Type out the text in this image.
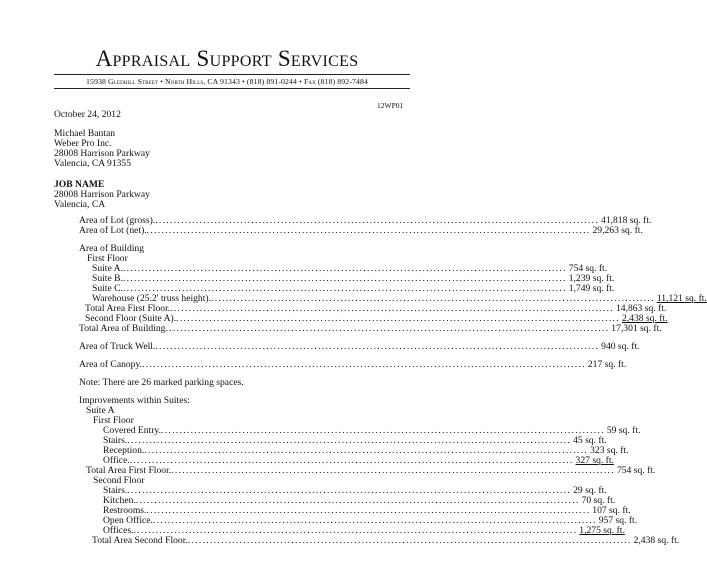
Appraisal Support Services
15938 Gledhill Street • North Hills, CA 91343 • (818) 891-0244 • Fax (818) 892-7484
12WP01
October 24, 2012
Michael Bantan
Weber Pro Inc.
28008 Harrison Parkway
Valencia, CA 91355
JOB NAME
28008 Harrison Parkway
Valencia, CA
Area of Lot (gross). ........................................................................................................................ 41,818 sq. ft.
Area of Lot (net). ........................................................................................................................ 29,263 sq. ft.
Area of Building
First Floor
Suite A. ........................................................................................................................ 754 sq. ft.
Suite B. ........................................................................................................................ 1,239 sq. ft.
Suite C. ........................................................................................................................ 1,749 sq. ft.
Warehouse (25.2' truss height). ........................................................................................................................ 11,121 sq. ft.
Total Area First Floor. ........................................................................................................................ 14,863 sq. ft.
Second Floor (Suite A). ........................................................................................................................ 2,438 sq. ft.
Total Area of Building ........................................................................................................................ 17,301 sq. ft.
Area of Truck Well. ........................................................................................................................ 940 sq. ft.
Area of Canopy. ........................................................................................................................ 217 sq. ft.
Note: There are 26 marked parking spaces.
Improvements within Suites:
Suite A
First Floor
Covered Entry. ........................................................................................................................ 59 sq. ft.
Stairs. ........................................................................................................................ 45 sq. ft.
Reception. ........................................................................................................................ 323 sq. ft.
Office. ........................................................................................................................ 327 sq. ft.
Total Area First Floor. ........................................................................................................................ 754 sq. ft.
Second Floor
Stairs. ........................................................................................................................ 29 sq. ft.
Kitchen. ........................................................................................................................ 70 sq. ft.
Restrooms. ........................................................................................................................ 107 sq. ft.
Open Office. ........................................................................................................................ 957 sq. ft.
Offices. ........................................................................................................................ 1,275 sq. ft.
Total Area Second Floor. ........................................................................................................................ 2,438 sq. ft.
